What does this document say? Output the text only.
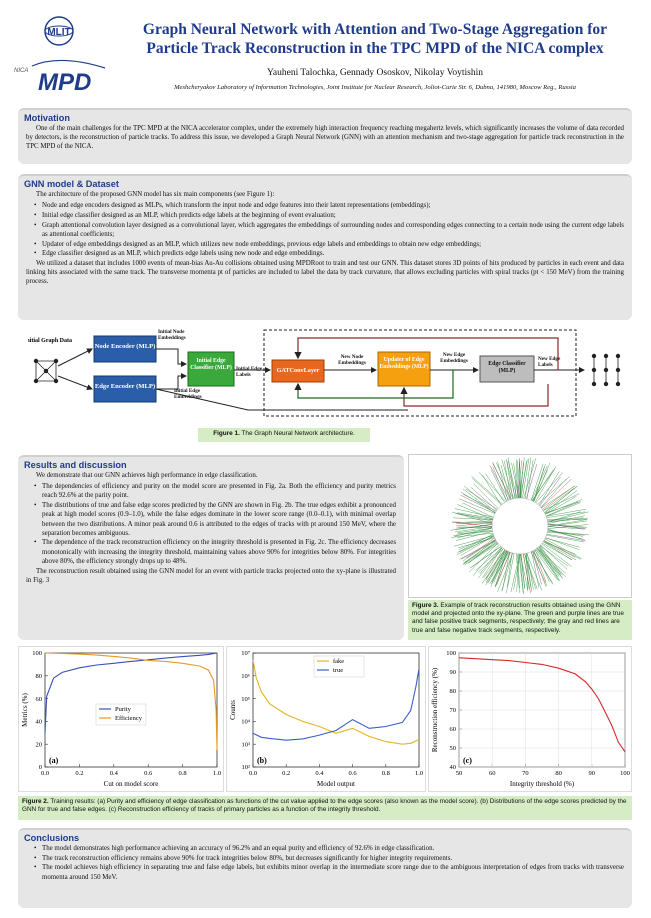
MLIT
NICA MPD
Graph Neural Network with Attention and Two-Stage Aggregation for
Particle Track Reconstruction in the TPC MPD of the NICA complex
Yauheni Talochka, Gennady Ososkov, Nikolay Voytishin
Meshcheryakov Laboratory of Information Technologies, Joint Institute for Nuclear Research, Joliot-Curie Str. 6, Dubna, 141980, Moscow Reg., Russia
Motivation

One of the main challenges for the TPC MPD at the NICA accelerator complex, under the extremely high interaction frequency reaching megahertz levels, which significantly increases the volume of data recorded by detectors, is the reconstruction of particle tracks. To address this issue, we developed a Graph Neural Network (GNN) with an attention mechanism and two-stage aggregation for particle track reconstruction in the TPC MPD of the NICA.

GNN model & Dataset

The architecture of the proposed GNN model has six main components (see Figure 1):

• Node and edge encoders designed as MLPs, which transform the input node and edge features into their latent representations (embeddings);
• Initial edge classifier designed as an MLP, which predicts edge labels at the beginning of event evaluation;
• Graph attentional convolution layer designed as a convolutional layer, which aggregates the embeddings of surrounding nodes and corresponding edges connecting to a certain node using the current edge labels as attentional coefficients;
• Updater of edge embeddings designed as an MLP, which utilizes new node embeddings, previous edge labels and embeddings to obtain new edge embeddings;
• Edge classifier designed as an MLP, which predicts edge labels using new node and edge embeddings.

We utilized a dataset that includes 1000 events of mean-bias Au-Au collisions obtained using MPDRoot to train and test our GNN. This dataset stores 3D points of hits produced by particles in each event and data linking hits associated with the same track. The transverse momenta pt of particles are included to label the data by track curvature, that allows excluding particles with spiral tracks (pt < 150 MeV) from the training process.

Initial Graph Data
Node Encoder (MLP)
Edge Encoder (MLP)
Initial Node Embeddings
Initial Edge Embeddings
Initial Edge Classifier (MLP) Initial Edge Labels
GATConvLayer
New Node Embeddings	Updater of Edge Embeddings (MLP)
New Edge Embeddings	Edge Classifier (MLP)
New Edge Labels
Figure 1. The Graph Neural Network architecture.
Results and discussion

We demonstrate that our GNN achieves high performance in edge classification.

• The dependencies of efficiency and purity on the model score are presented in Fig. 2a. Both the efficiency and purity metrics reach 92.6% at the parity point.
• The distributions of true and false edge scores predicted by the GNN are shown in Fig. 2b. The true edges exhibit a pronounced peak at high model scores (0.9–1.0), while the false edges dominate in the lower score range (0.0–0.1), with minimal overlap between the two distributions. A minor peak around 0.6 is attributed to the edges of tracks with pt around 150 MeV, where the separation becomes ambiguous.
• The dependence of the track reconstruction efficiency on the integrity threshold is presented in Fig. 2c. The efficiency decreases monotonically with increasing the integrity threshold, maintaining values above 90% for integrities below 80%. For integrities above 80%, the efficiency strongly drops up to 48%.

The reconstruction result obtained using the GNN model for an event with particle tracks projected onto the xy-plane is illustrated in Fig. 3

Figure 3. Example of track reconstruction results obtained using the GNN model and projected onto the xy-plane. The green and purple lines are true and false positive track segments, respectively; the gray and red lines are true and false negative track segments, respectively.
0.0	0.2	0.4	0.6	0.8	1.0
0
20
40
60
80
100
Cut on model score
Metrics (%)
(a)
Purity
Efficiency
0.0	0.2	0.4	0.6	0.8	1.0
10²
10³
10⁴
10⁵
10⁶
10⁷
Model output
Counts
(b)
fake
true
50	60	70	80	90	100
40
50
60
70
80
90
100
Integrity threshold (%)
Reconstruction efficiency (%)
(c)
Figure 2. Training results: (a) Purity and efficiency of edge classification as functions of the cut value applied to the edge scores (also known as the model score). (b) Distributions of the edge scores predicted by the GNN for true and false edges. (c) Reconstruction efficiency of tracks of primary particles as a function of the integrity threshold.
Conclusions
• The model demonstrates high performance achieving an accuracy of 96.2% and an equal purity and efficiency of 92.6% in edge classification.
• The track reconstruction efficiency remains above 90% for track integrities below 80%, but decreases significantly for higher integrity requirements.
• The model achieves high efficiency in separating true and false edge labels, but exhibits minor overlap in the intermediate score range due to the ambiguous interpretation of edges from tracks with transverse momenta around 150 MeV.
